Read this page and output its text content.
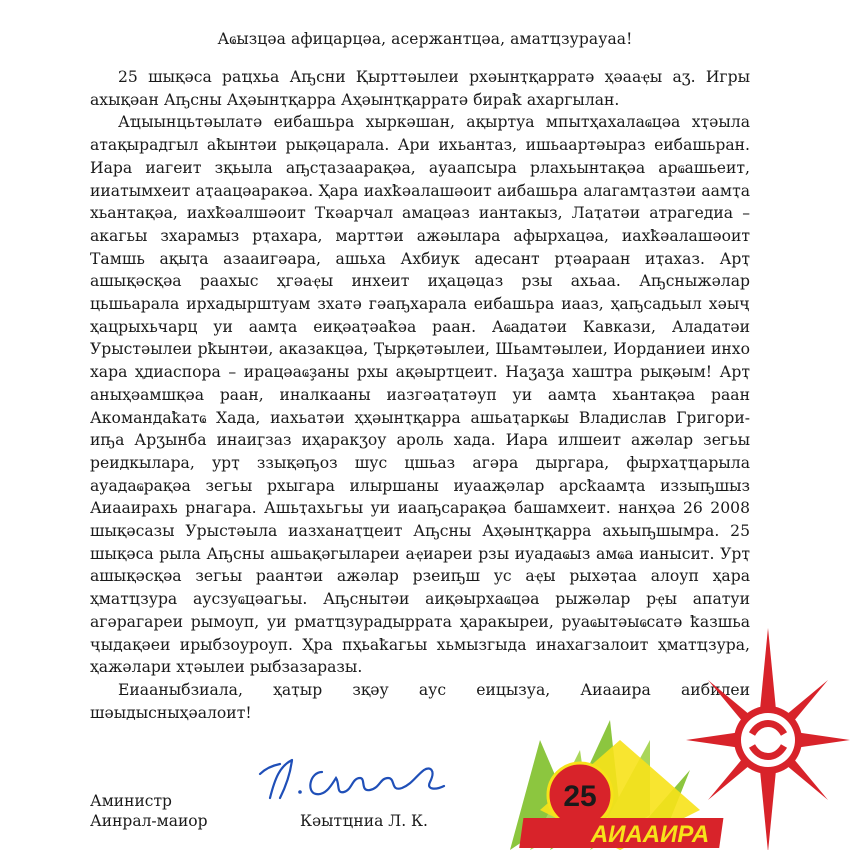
Аҩызцәа афицарцәа, асержантцәа, аматҵзурауаа!

25 шықәса раҵхьа Аҧсни Қырттәылеи рхәынҭқарратә ҳәааҿы аӡ. Игры ахықәан Аҧсны Аҳәынҭқарра Аҳәынҭқарратә бираҟ ахаргылан.

Аҵыынцьтәылатә еибашьра хыркәшан, ақыртуа мпытҳахалаҩцәа хҭәыла атақырадгыл аҟынтәи рықәцарала. Ари ихьантаз, ишьаартәыраз еибашьран. Иара иагеит зқьыла аҧсҭазаарақәа, ауаапсыра рлахьынтақәа арҩашьеит, ииатымхеит аҭаацәаракәа. Ҳара иахҟәалашәоит аибашьра алагамҭазтәи аамҭа хьантақәа, иахҟәалшәоит Ткәарчал амацәаз иантакыз, Лаҭатәи атрагедиа – акагьы зхарамыз рҭахара, марттәи ажәылара афырхацәа, иахҟәалашәоит Тамшь ақыҭа азааигәара, ашьха Ахбиук адесант рҭәараан иҭахаз. Арҭ ашықәсқәа раахыс ҳгәаҿы инхеит иҳацәцаз рзы ахьаа. Аҧсныжәлар цьшьарала ирхадырштуам зхатә гәаҧхарала еибашьра иааз, ҳаҧсадьыл хәыҷ ҳацрыхьчарц уи аамҭа еиқәаҭәаҟәа раан. Аҩадатәи Кавкази, Аладатәи Урыстәылеи рҟынтәи, аказакцәа, Ҭырқәтәылеи, Шьамтәылеи, Иорданиеи инхо хара ҳдиаспора – ирацәаҩҙаны рхы ақәыртцеит. Наӡаӡа хаштра рықәым! Арҭ аныҳәамшқәа раан, иналкааны иазгәаҭатәуп уи аамҭа хьантақәа раан Акомандаҟатҩ Хада, иахьатәи ҳҳәынҭқарра ашьаҭаркҩы Владислав Григори-иҧа Арӡынба инаиӷзаз иҳаракӡоу ароль хада. Иара илшеит ажәлар зегьы реидкылара, урҭ ззықәҧоз шус цшьаз агәра дыргара, фырхаҭҵарыла ауадаҩрақәа зегьы рхыгара илыршаны иуааҗәлар арсҟаамҭа иззыҧшыз Аиааирахь рнагара. Ашьҭахьгьы уи иааҧсарақәа башамхеит. нанҳәа 26 2008 шықәсазы Урыстәыла иазханаҭҵеит Аҧсны Аҳәынҭқарра ахьыҧшымра. 25 шықәса рыла Аҧсны ашьақәгылареи аҿиареи рзы иуадаҩыз амҩа ианысит. Урҭ ашықәсқәа зегьы раантәи ажәлар рзеиҧш ус аҿы рыхәҭаа алоуп ҳара ҳматҵзура аусзуҩцәагьы. Аҧснытәи аиқәырхаҩцәа рыжәлар рҿы апатуи агәрагареи рымоуп, уи рматҵзурадыррата ҳаракыреи, руаҩытәыҩсатә ҟазшьа ҷыдақәеи ирыбзоуроуп. Ҳра пҳьаҟагьы хьмызгыда инахагзалоит ҳматҵзура, ҳажәлари хҭәылеи рыбзазаразы.

Еиааныбзиала, ҳаҭыр зқәу аус еицызуа, Аиааира аибилеи шәыдысныҳәалоит!

Аминистр
Аинрал-маиор	Кәытҵниа Л. К.
25
АИААИРА
